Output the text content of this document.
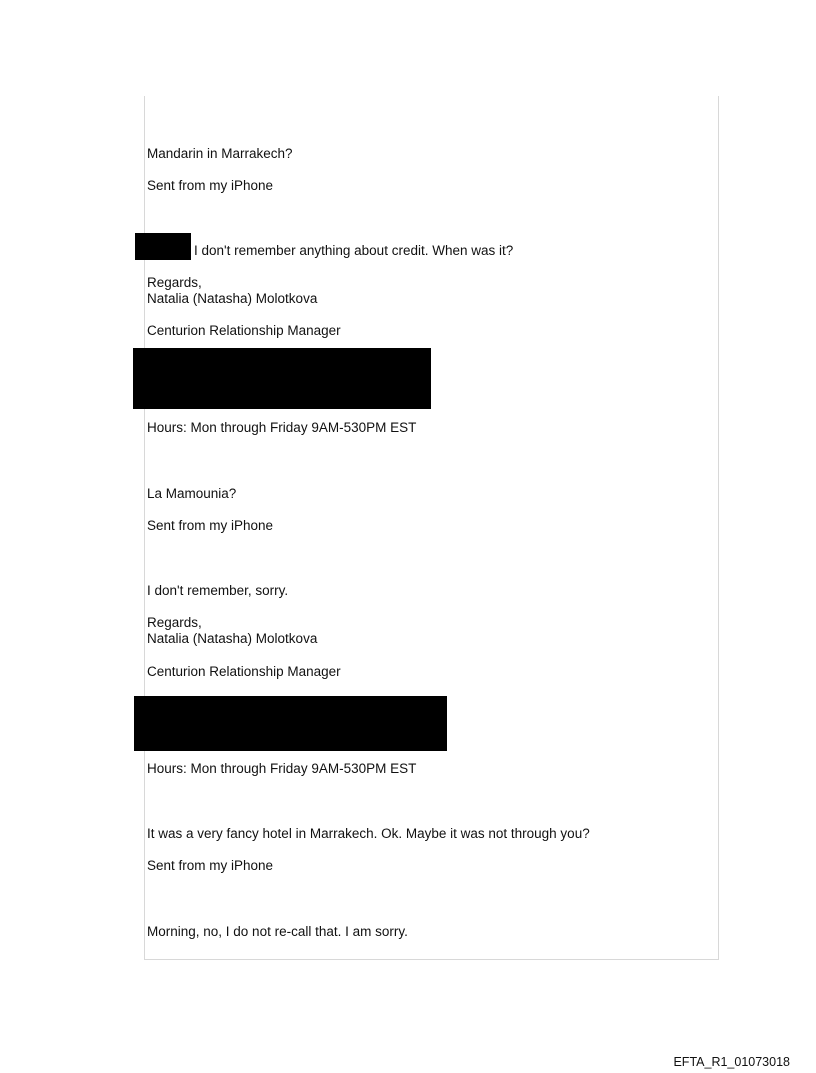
Mandarin in Marrakech?
Sent from my iPhone
I don't remember anything about credit. When was it?
Regards,
Natalia (Natasha) Molotkova
Centurion Relationship Manager
Hours: Mon through Friday 9AM-530PM EST
La Mamounia?
Sent from my iPhone
I don't remember, sorry.
Regards,
Natalia (Natasha) Molotkova
Centurion Relationship Manager
Hours: Mon through Friday 9AM-530PM EST
It was a very fancy hotel in Marrakech. Ok. Maybe it was not through you?
Sent from my iPhone
Morning, no, I do not re-call that. I am sorry.
EFTA_R1_01073018
